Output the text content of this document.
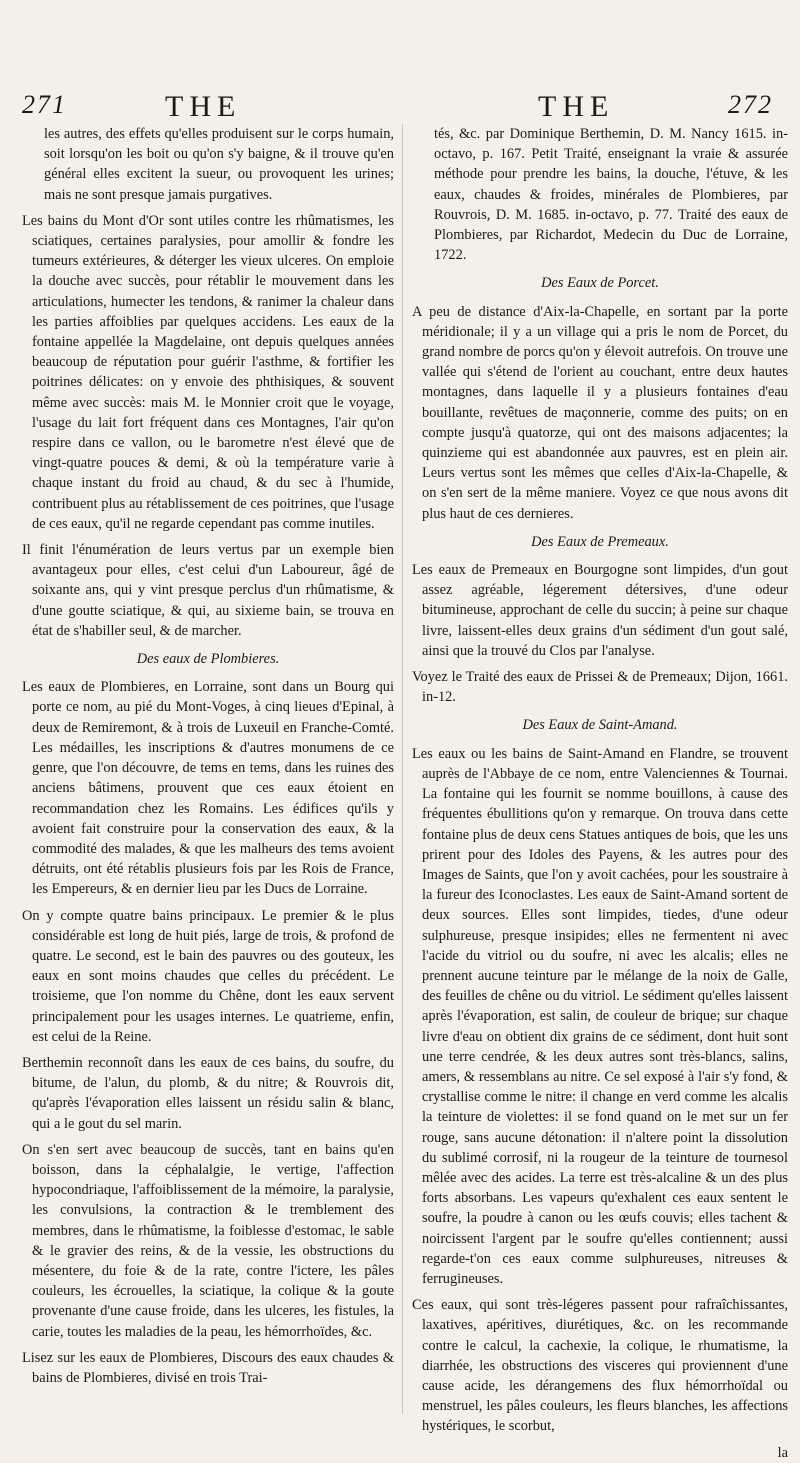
271	THE	THE	272

les autres, des effets qu'elles produisent sur le corps humain, soit lorsqu'on les boit ou qu'on s'y baigne, & il trouve qu'en général elles excitent la sueur, ou provoquent les urines; mais ne sont presque jamais purgatives.

Les bains du Mont d'Or sont utiles contre les rhûmatismes, les sciatiques, certaines paralysies, pour amollir & fondre les tumeurs extérieures, & déterger les vieux ulceres. On emploie la douche avec succès, pour rétablir le mouvement dans les articulations, humecter les tendons, & ranimer la chaleur dans les parties affoiblies par quelques accidens. Les eaux de la fontaine appellée la Magdelaine, ont depuis quelques années beaucoup de réputation pour guérir l'asthme, & fortifier les poitrines délicates: on y envoie des phthisiques, & souvent même avec succès: mais M. le Monnier croit que le voyage, l'usage du lait fort fréquent dans ces Montagnes, l'air qu'on respire dans ce vallon, ou le barometre n'est élevé que de vingt-quatre pouces & demi, & où la température varie à chaque instant du froid au chaud, & du sec à l'humide, contribuent plus au rétablissement de ces poitrines, que l'usage de ces eaux, qu'il ne regarde cependant pas comme inutiles.

Il finit l'énumération de leurs vertus par un exemple bien avantageux pour elles, c'est celui d'un Laboureur, âgé de soixante ans, qui y vint presque perclus d'un rhûmatisme, & d'une goutte sciatique, & qui, au sixieme bain, se trouva en état de s'habiller seul, & de marcher.

Des eaux de Plombieres.

Les eaux de Plombieres, en Lorraine, sont dans un Bourg qui porte ce nom, au pié du Mont-Voges, à cinq lieues d'Epinal, à deux de Remiremont, & à trois de Luxeuil en Franche-Comté. Les médailles, les inscriptions & d'autres monumens de ce genre, que l'on découvre, de tems en tems, dans les ruines des anciens bâtimens, prouvent que ces eaux étoient en recommandation chez les Romains. Les édifices qu'ils y avoient fait construire pour la conservation des eaux, & la commodité des malades, & que les malheurs des tems avoient détruits, ont été rétablis plusieurs fois par les Rois de France, les Empereurs, & en dernier lieu par les Ducs de Lorraine.

On y compte quatre bains principaux. Le premier & le plus considérable est long de huit piés, large de trois, & profond de quatre. Le second, est le bain des pauvres ou des gouteux, les eaux en sont moins chaudes que celles du précédent. Le troisieme, que l'on nomme du Chêne, dont les eaux servent principalement pour les usages internes. Le quatrieme, enfin, est celui de la Reine.

Berthemin reconnoît dans les eaux de ces bains, du soufre, du bitume, de l'alun, du plomb, & du nitre; & Rouvrois dit, qu'après l'évaporation elles laissent un résidu salin & blanc, qui a le gout du sel marin.

On s'en sert avec beaucoup de succès, tant en bains qu'en boisson, dans la céphalalgie, le vertige, l'affection hypocondriaque, l'affoiblissement de la mémoire, la paralysie, les convulsions, la contraction & le tremblement des membres, dans le rhûmatisme, la foiblesse d'estomac, le sable & le gravier des reins, & de la vessie, les obstructions du mésentere, du foie & de la rate, contre l'ictere, les pâles couleurs, les écrouelles, la sciatique, la colique & la goute provenante d'une cause froide, dans les ulceres, les fistules, la carie, toutes les maladies de la peau, les hémorrhoïdes, &c.

Lisez sur les eaux de Plombieres, Discours des eaux chaudes & bains de Plombieres, divisé en trois Trai-

tés, &c. par Dominique Berthemin, D. M. Nancy 1615. in-octavo, p. 167. Petit Traité, enseignant la vraie & assurée méthode pour prendre les bains, la douche, l'étuve, & les eaux, chaudes & froides, minérales de Plombieres, par Rouvrois, D. M. 1685. in-octavo, p. 77. Traité des eaux de Plombieres, par Richardot, Medecin du Duc de Lorraine, 1722.

Des Eaux de Porcet.

A peu de distance d'Aix-la-Chapelle, en sortant par la porte méridionale; il y a un village qui a pris le nom de Porcet, du grand nombre de porcs qu'on y élevoit autrefois. On trouve une vallée qui s'étend de l'orient au couchant, entre deux hautes montagnes, dans laquelle il y a plusieurs fontaines d'eau bouillante, revêtues de maçonnerie, comme des puits; on en compte jusqu'à quatorze, qui ont des maisons adjacentes; la quinzieme qui est abandonnée aux pauvres, est en plein air. Leurs vertus sont les mêmes que celles d'Aix-la-Chapelle, & on s'en sert de la même maniere. Voyez ce que nous avons dit plus haut de ces dernieres.

Des Eaux de Premeaux.

Les eaux de Premeaux en Bourgogne sont limpides, d'un gout assez agréable, légerement détersives, d'une odeur bitumineuse, approchant de celle du succin; à peine sur chaque livre, laissent-elles deux grains d'un sédiment d'un gout salé, ainsi que la trouvé du Clos par l'analyse.

Voyez le Traité des eaux de Prissei & de Premeaux; Dijon, 1661. in-12.

Des Eaux de Saint-Amand.

Les eaux ou les bains de Saint-Amand en Flandre, se trouvent auprès de l'Abbaye de ce nom, entre Valenciennes & Tournai. La fontaine qui les fournit se nomme bouillons, à cause des fréquentes ébullitions qu'on y remarque. On trouva dans cette fontaine plus de deux cens Statues antiques de bois, que les uns prirent pour des Idoles des Payens, & les autres pour des Images de Saints, que l'on y avoit cachées, pour les soustraire à la fureur des Iconoclastes. Les eaux de Saint-Amand sortent de deux sources. Elles sont limpides, tiedes, d'une odeur sulphureuse, presque insipides; elles ne fermentent ni avec l'acide du vitriol ou du soufre, ni avec les alcalis; elles ne prennent aucune teinture par le mélange de la noix de Galle, des feuilles de chêne ou du vitriol. Le sédiment qu'elles laissent après l'évaporation, est salin, de couleur de brique; sur chaque livre d'eau on obtient dix grains de ce sédiment, dont huit sont une terre cendrée, & les deux autres sont très-blancs, salins, amers, & ressemblans au nitre. Ce sel exposé à l'air s'y fond, & crystallise comme le nitre: il change en verd comme les alcalis la teinture de violettes: il se fond quand on le met sur un fer rouge, sans aucune détonation: il n'altere point la dissolution du sublimé corrosif, ni la rougeur de la teinture de tournesol mêlée avec des acides. La terre est très-alcaline & un des plus forts absorbans. Les vapeurs qu'exhalent ces eaux sentent le soufre, la poudre à canon ou les œufs couvis; elles tachent & noircissent l'argent par le soufre qu'elles contiennent; aussi regarde-t'on ces eaux comme sulphureuses, nitreuses & ferrugineuses.

Ces eaux, qui sont très-légeres passent pour rafraîchissantes, laxatives, apéritives, diurétiques, &c. on les recommande contre le calcul, la cachexie, la colique, le rhumatisme, la diarrhée, les obstructions des visceres qui proviennent d'une cause acide, les dérangemens des flux hémorrhoïdal ou menstruel, les pâles couleurs, les fleurs blanches, les affections hystériques, le scorbut,

la
